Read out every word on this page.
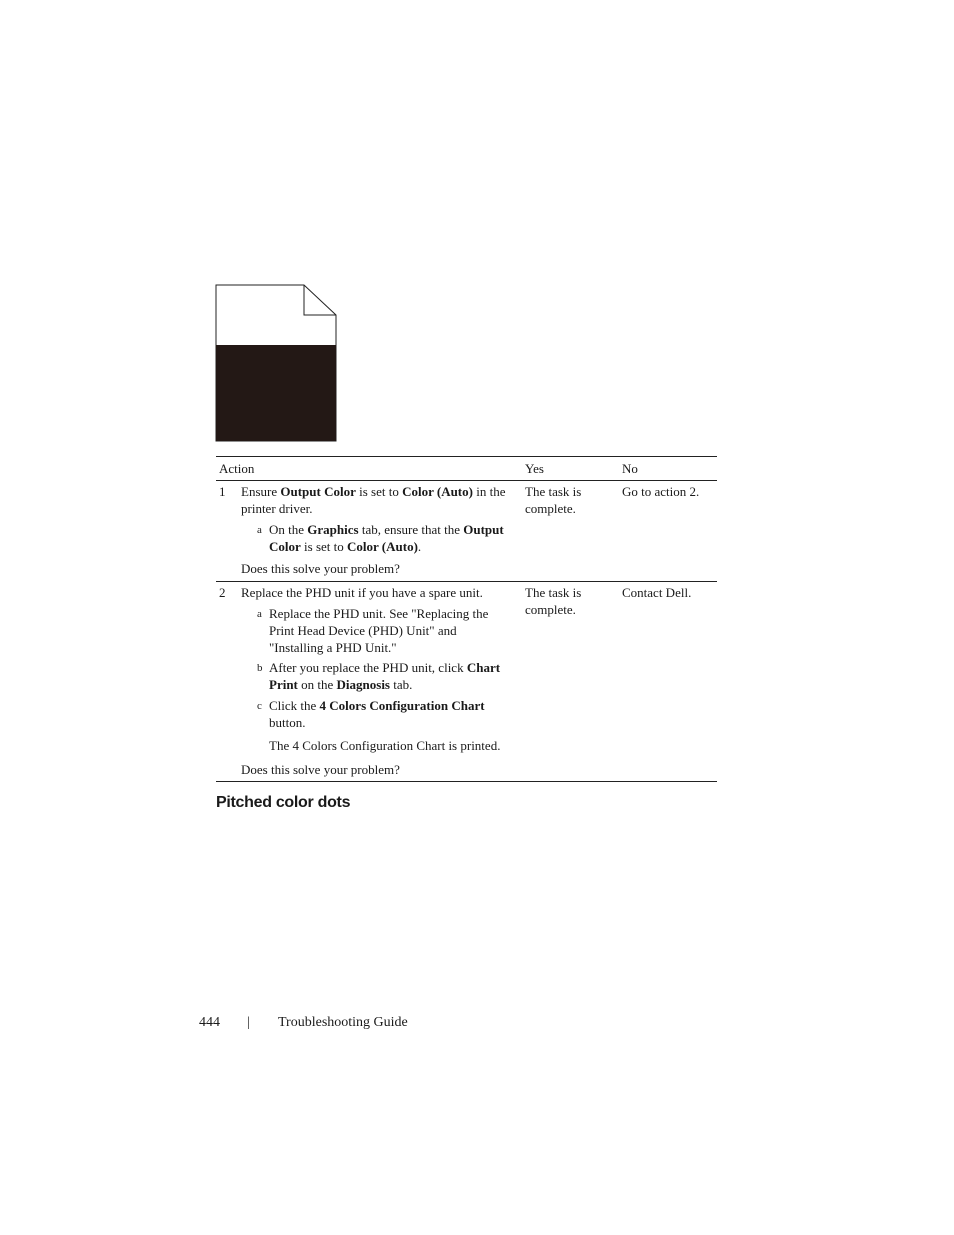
Action	Yes	No
1 Ensure Output Color is set to Color (Auto) in the printer driver.
a On the Graphics tab, ensure that the Output Color is set to Color (Auto).
Does this solve your problem?
The task is complete.
Go to action 2.
2 Replace the PHD unit if you have a spare unit.
a Replace the PHD unit. See "Replacing the Print Head Device (PHD) Unit" and "Installing a PHD Unit."
b After you replace the PHD unit, click Chart Print on the Diagnosis tab.
c Click the 4 Colors Configuration Chart button.
The 4 Colors Configuration Chart is printed.
Does this solve your problem?
The task is complete.
Contact Dell.
Pitched color dots
444 | Troubleshooting Guide
